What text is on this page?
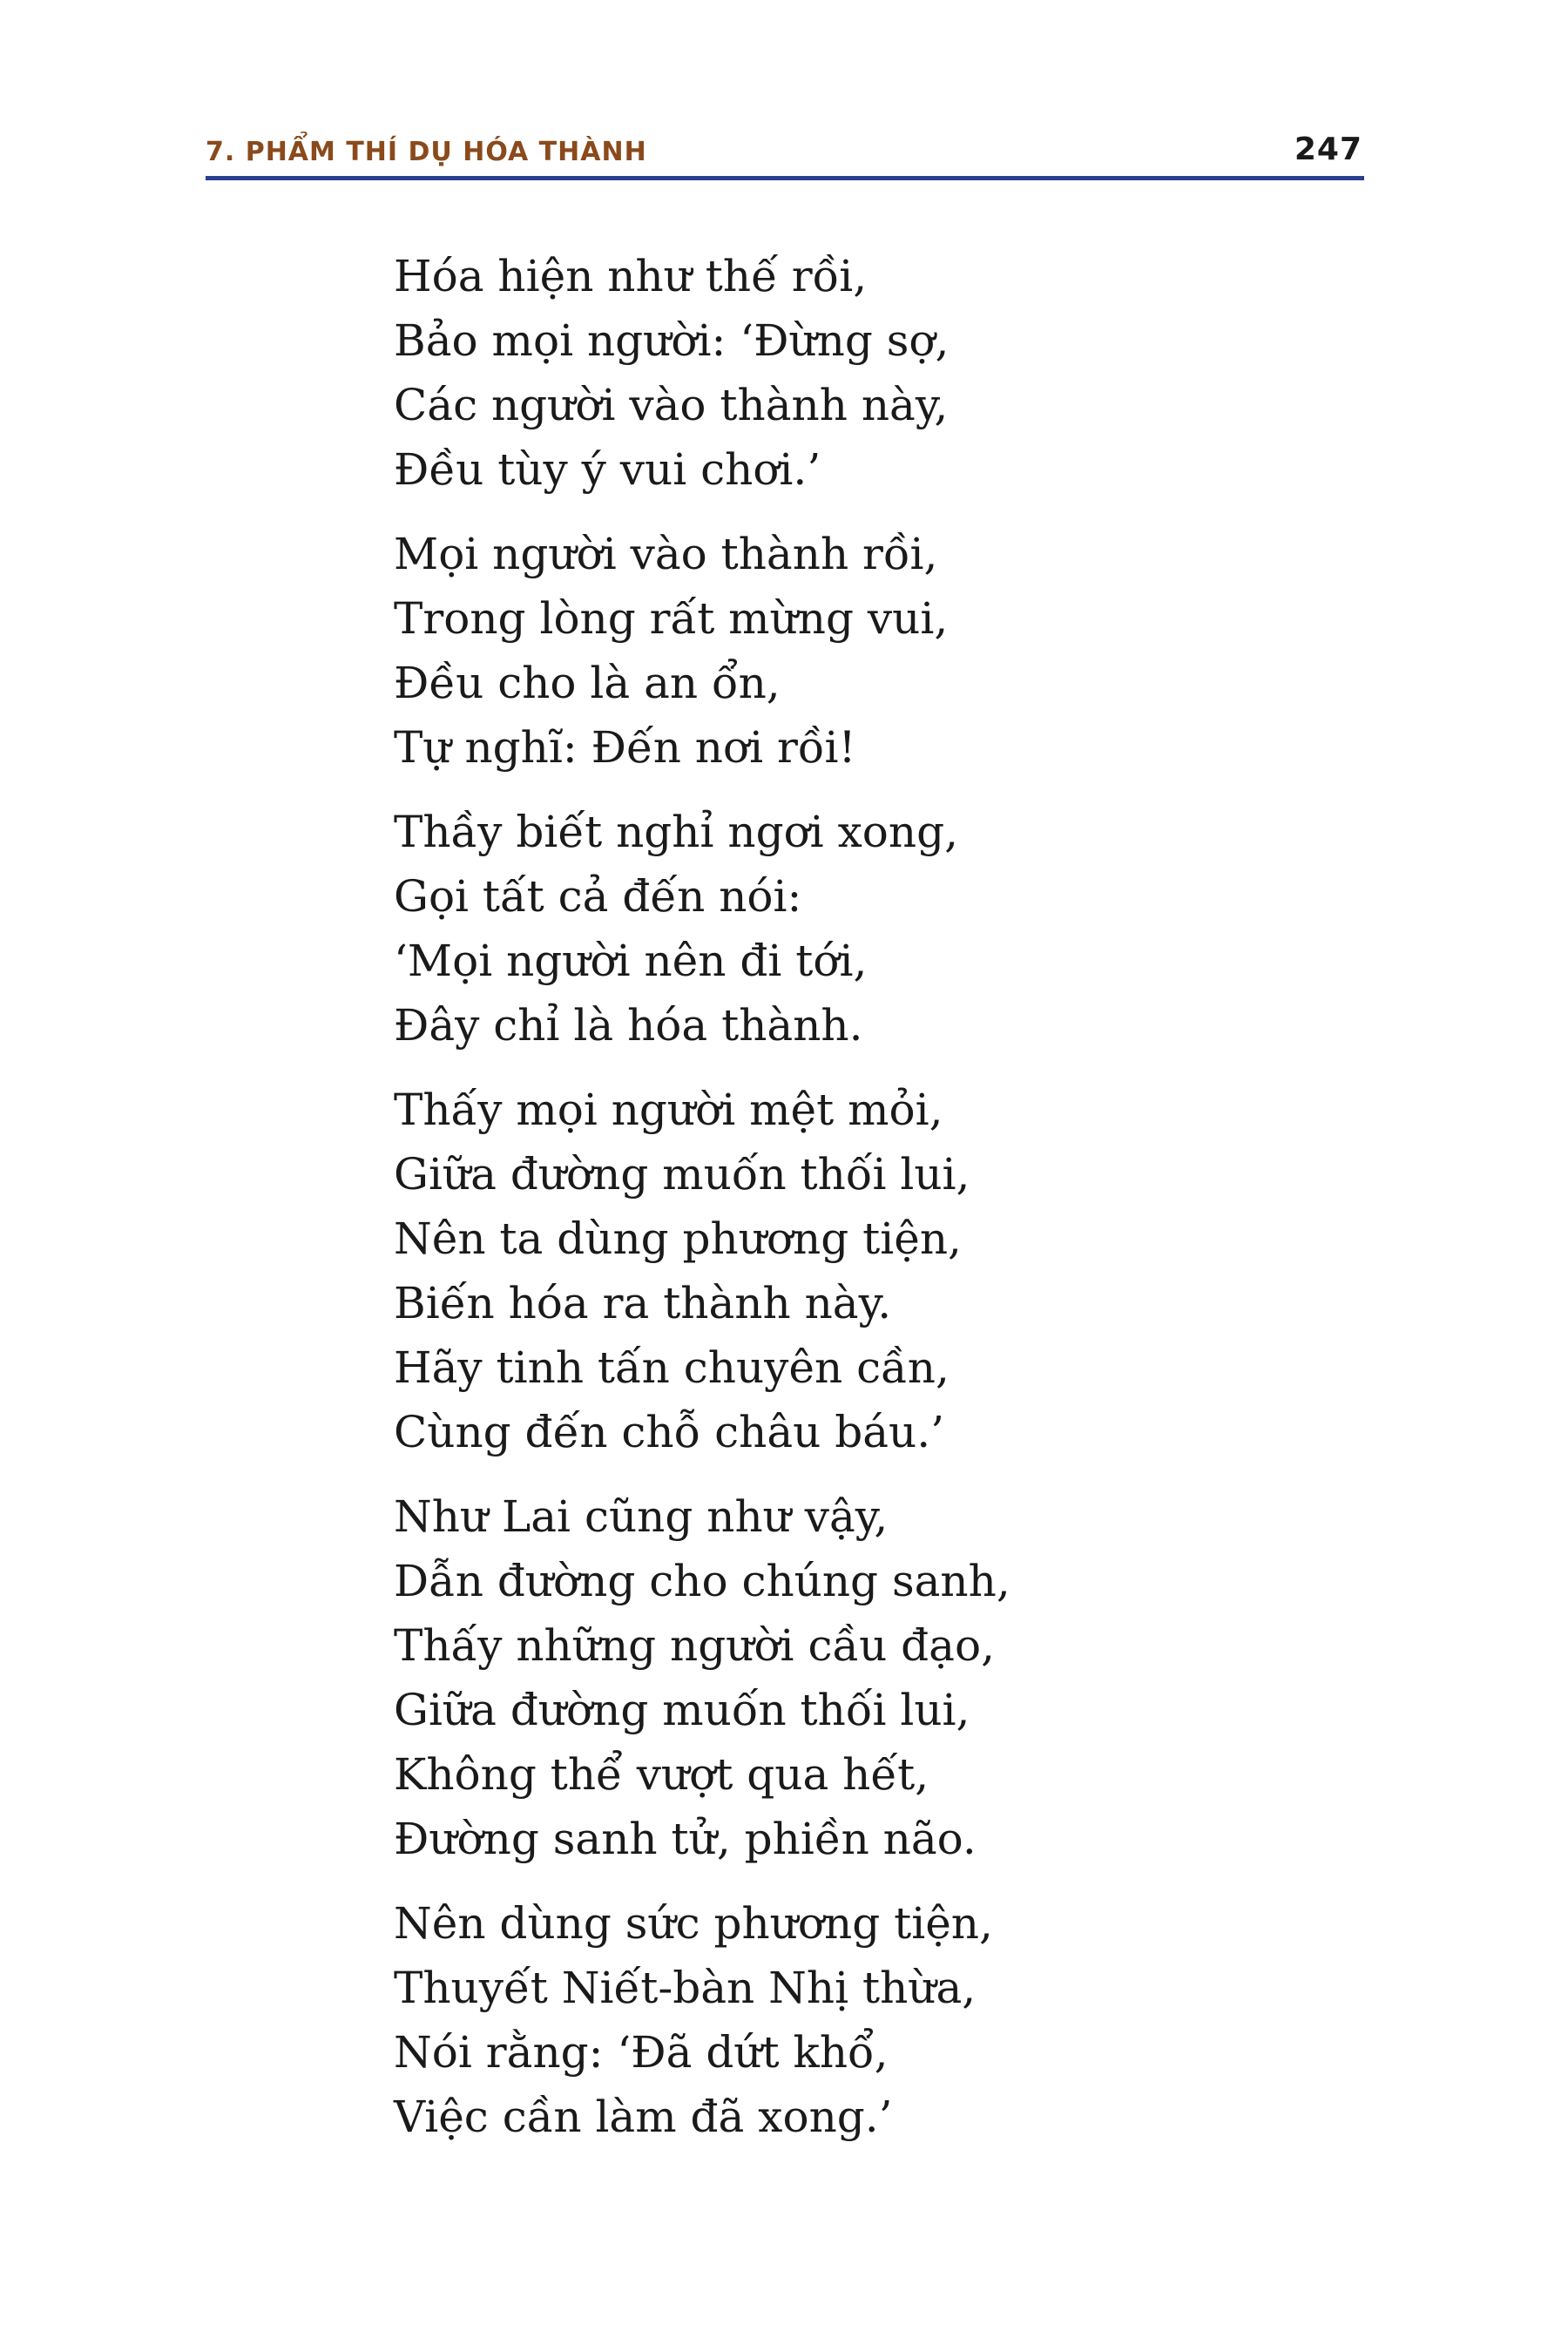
7. PHẨM THÍ DỤ HÓA THÀNH	247
Hóa hiện như thế rồi,
Bảo mọi người: ‘Đừng sợ,
Các người vào thành này,
Đều tùy ý vui chơi.’
Mọi người vào thành rồi,
Trong lòng rất mừng vui,
Đều cho là an ổn,
Tự nghĩ: Đến nơi rồi!
Thầy biết nghỉ ngơi xong,
Gọi tất cả đến nói:
‘Mọi người nên đi tới,
Đây chỉ là hóa thành.
Thấy mọi người mệt mỏi,
Giữa đường muốn thối lui,
Nên ta dùng phương tiện,
Biến hóa ra thành này.
Hãy tinh tấn chuyên cần,
Cùng đến chỗ châu báu.’
Như Lai cũng như vậy,
Dẫn đường cho chúng sanh,
Thấy những người cầu đạo,
Giữa đường muốn thối lui,
Không thể vượt qua hết,
Đường sanh tử, phiền não.
Nên dùng sức phương tiện,
Thuyết Niết-bàn Nhị thừa,
Nói rằng: ‘Đã dứt khổ,
Việc cần làm đã xong.’
